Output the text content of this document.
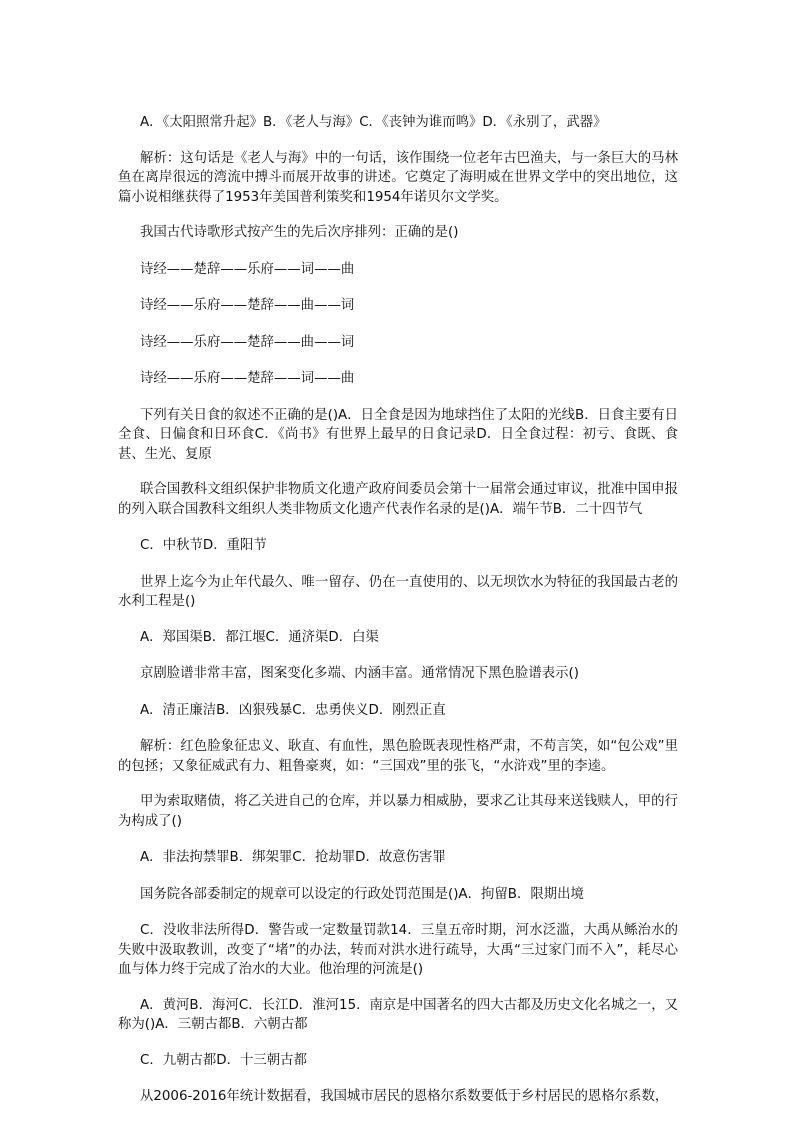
A．《太阳照常升起》B．《老人与海》C．《丧钟为谁而鸣》D．《永别了，武器》

解析：这句话是《老人与海》中的一句话，该作围绕一位老年古巴渔夫，与一条巨大的马林鱼在离岸很远的湾流中搏斗而展开故事的讲述。它奠定了海明威在世界文学中的突出地位，这篇小说相继获得了1953年美国普利策奖和1954年诺贝尔文学奖。

我国古代诗歌形式按产生的先后次序排列：正确的是()

诗经——楚辞——乐府——词——曲

诗经——乐府——楚辞——曲——词

诗经——乐府——楚辞——曲——词

诗经——乐府——楚辞——词——曲

下列有关日食的叙述不正确的是()A．日全食是因为地球挡住了太阳的光线B．日食主要有日全食、日偏食和日环食C．《尚书》有世界上最早的日食记录D．日全食过程：初亏、食既、食甚、生光、复原

联合国教科文组织保护非物质文化遗产政府间委员会第十一届常会通过审议，批准中国申报的列入联合国教科文组织人类非物质文化遗产代表作名录的是()A．端午节B．二十四节气

C．中秋节D．重阳节

世界上迄今为止年代最久、唯一留存、仍在一直使用的、以无坝饮水为特征的我国最古老的水利工程是()

A．郑国渠B．都江堰C．通济渠D．白渠

京剧脸谱非常丰富，图案变化多端、内涵丰富。通常情况下黑色脸谱表示()

A．清正廉洁B．凶狠残暴C．忠勇侠义D．刚烈正直

解析：红色脸象征忠义、耿直、有血性，黑色脸既表现性格严肃，不苟言笑，如“包公戏”里的包拯；又象征威武有力、粗鲁豪爽，如：“三国戏”里的张飞，“水浒戏”里的李逵。

甲为索取赌债，将乙关进自己的仓库，并以暴力相威胁，要求乙让其母来送钱赎人，甲的行为构成了()

A．非法拘禁罪B．绑架罪C．抢劫罪D．故意伤害罪

国务院各部委制定的规章可以设定的行政处罚范围是()A．拘留B．限期出境

C．没收非法所得D．警告或一定数量罚款14．三皇五帝时期，河水泛滥，大禹从鲧治水的失败中汲取教训，改变了“堵”的办法，转而对洪水进行疏导，大禹“三过家门而不入”，耗尽心血与体力终于完成了治水的大业。他治理的河流是()

A．黄河B．海河C．长江D．淮河15．南京是中国著名的四大古都及历史文化名城之一，又称为()A．三朝古都B．六朝古都

C．九朝古都D．十三朝古都

从2006-2016年统计数据看，我国城市居民的恩格尔系数要低于乡村居民的恩格尔系数，
